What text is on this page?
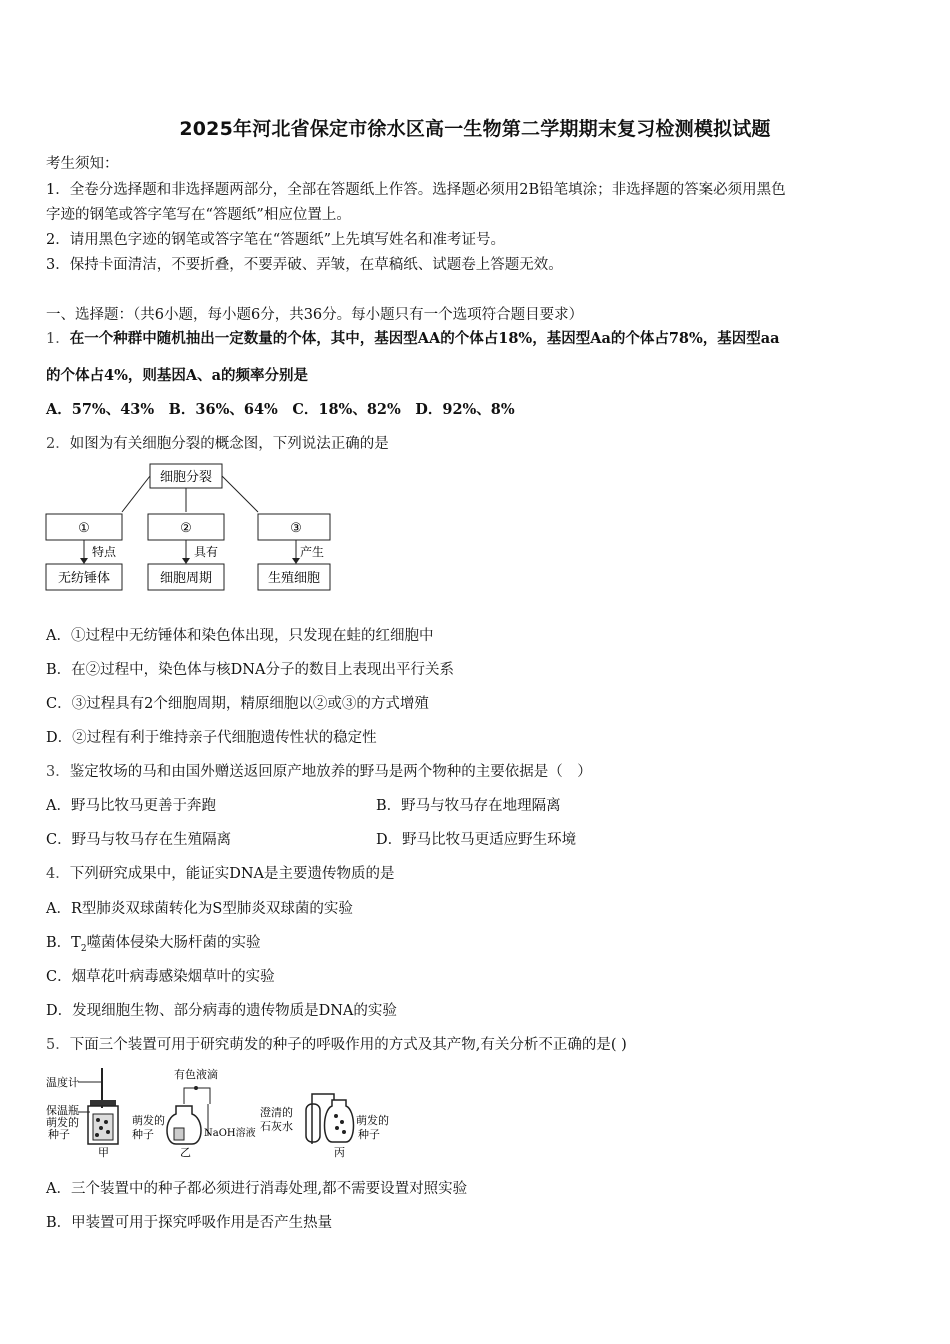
2025年河北省保定市徐水区高一生物第二学期期末复习检测模拟试题
考生须知：
1．全卷分选择题和非选择题两部分，全部在答题纸上作答。选择题必须用2B铅笔填涂；非选择题的答案必须用黑色
字迹的钢笔或答字笔写在“答题纸”相应位置上。
2．请用黑色字迹的钢笔或答字笔在“答题纸”上先填写姓名和准考证号。
3．保持卡面清洁，不要折叠，不要弄破、弄皱，在草稿纸、试题卷上答题无效。
一、选择题：（共6小题，每小题6分，共36分。每小题只有一个选项符合题目要求）
1．在一个种群中随机抽出一定数量的个体，其中，基因型AA的个体占18%，基因型Aa的个体占78%，基因型aa
的个体占4%，则基因A、a的频率分别是
A．57%、43%　B．36%、64%　C．18%、82%　D．92%、8%
2．如图为有关细胞分裂的概念图，下列说法正确的是
细胞分裂
①	②	③
特点	具有	产生
无纺锤体	细胞周期	生殖细胞
A．①过程中无纺锤体和染色体出现，只发现在蛙的红细胞中
B．在②过程中，染色体与核DNA分子的数目上表现出平行关系
C．③过程具有2个细胞周期，精原细胞以②或③的方式增殖
D．②过程有利于维持亲子代细胞遗传性状的稳定性
3．鉴定牧场的马和由国外赠送返回原产地放养的野马是两个物种的主要依据是（　）
A．野马比牧马更善于奔跑	B．野马与牧马存在地理隔离
C．野马与牧马存在生殖隔离	D．野马比牧马更适应野生环境
4．下列研究成果中，能证实DNA是主要遗传物质的是
A．R型肺炎双球菌转化为S型肺炎双球菌的实验
B．$T_2$噬菌体侵染大肠杆菌的实验
C．烟草花叶病毒感染烟草叶的实验
D．发现细胞生物、部分病毒的遗传物质是DNA的实验
5．下面三个装置可用于研究萌发的种子的呼吸作用的方式及其产物,有关分析不正确的是( )
温度计
保温瓶
萌发的
种子
甲
有色液滴
萌发的
种子	NaOH溶液
乙
澄清的
石灰水	萌发的
种子
丙
A．三个装置中的种子都必须进行消毒处理,都不需要设置对照实验
B．甲装置可用于探究呼吸作用是否产生热量
